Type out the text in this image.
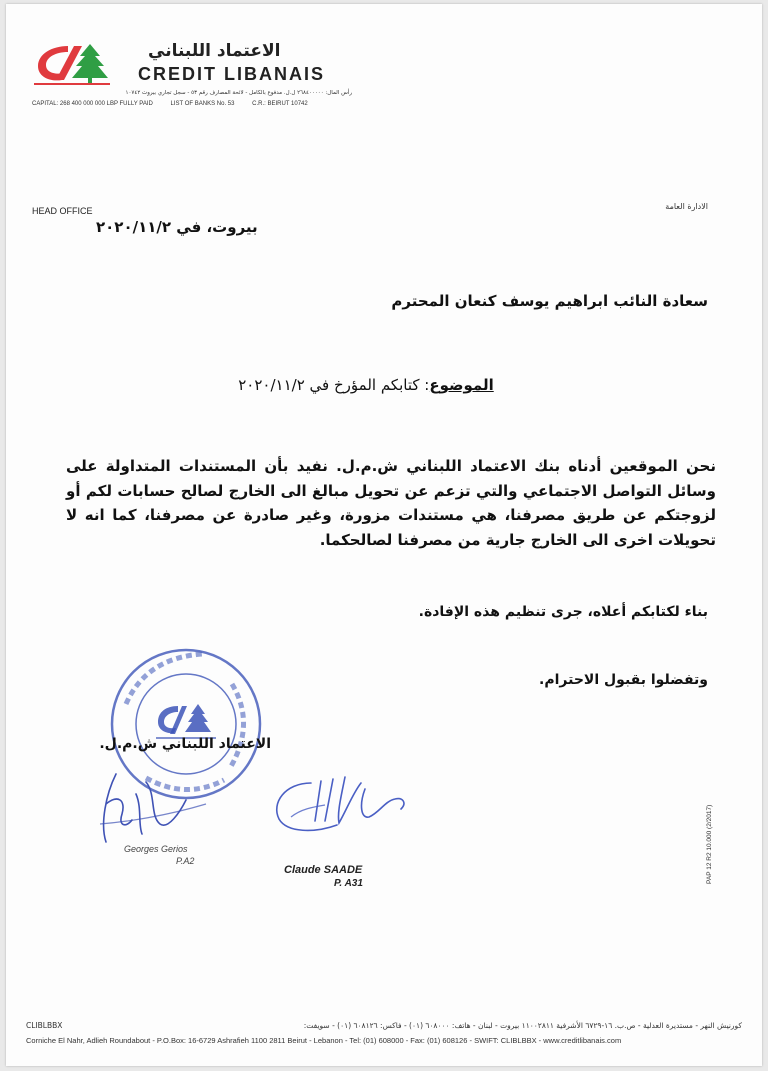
الاعتماد اللبناني
CREDIT LIBANAIS
رأس المال: ٢٦٨٤٠٠٠٠٠ ل.ل. مدفوع بالكامل - لائحة المصارف رقم ٥٣ - سجل تجاري بيروت ١٠٧٤٢
CAPITAL: 268 400 000 000 LBP FULLY PAID	LIST OF BANKS No. 53	C.R.: BEIRUT 10742
HEAD OFFICE	الادارة العامة
بيروت، في ٢٠٢٠/١١/٢
سعادة النائب ابراهيم يوسف كنعان المحترم
الموضوع: كتابكم المؤرخ في ٢٠٢٠/١١/٢
نحن الموقعين أدناه بنك الاعتماد اللبناني ش.م.ل. نفيد بأن المستندات المتداولة على وسائل التواصل الاجتماعي والتي تزعم عن تحويل مبالغ الى الخارج لصالح حسابات لكم أو لزوجتكم عن طريق مصرفنا، هي مستندات مزورة، وغير صادرة عن مصرفنا، كما انه لا تحويلات اخرى الى الخارج جارية من مصرفنا لصالحكما.
بناء لكتابكم أعلاه، جرى تنظيم هذه الإفادة.
وتفضلوا بقبول الاحترام.
الاعتماد اللبناني ش.م.ل.
Georges Gerios
P.A2
Claude SAADE
P. A31	PAP 12 R2 10.000 (2/2017)
CLIBLBBX	كورنيش النهر - مستديرة العدلية - ص.ب. ١٦-٦٧٢٩ الأشرفية ١١٠٠٢٨١١ بيروت - لبنان - هاتف: ٦٠٨٠٠٠ (٠١) - فاكس: ٦٠٨١٢٦ (٠١) - سويفت:
Corniche El Nahr, Adlieh Roundabout - P.O.Box: 16-6729 Ashrafieh 1100 2811 Beirut - Lebanon - Tel: (01) 608000 - Fax: (01) 608126 - SWIFT: CLIBLBBX - www.creditlibanais.com
